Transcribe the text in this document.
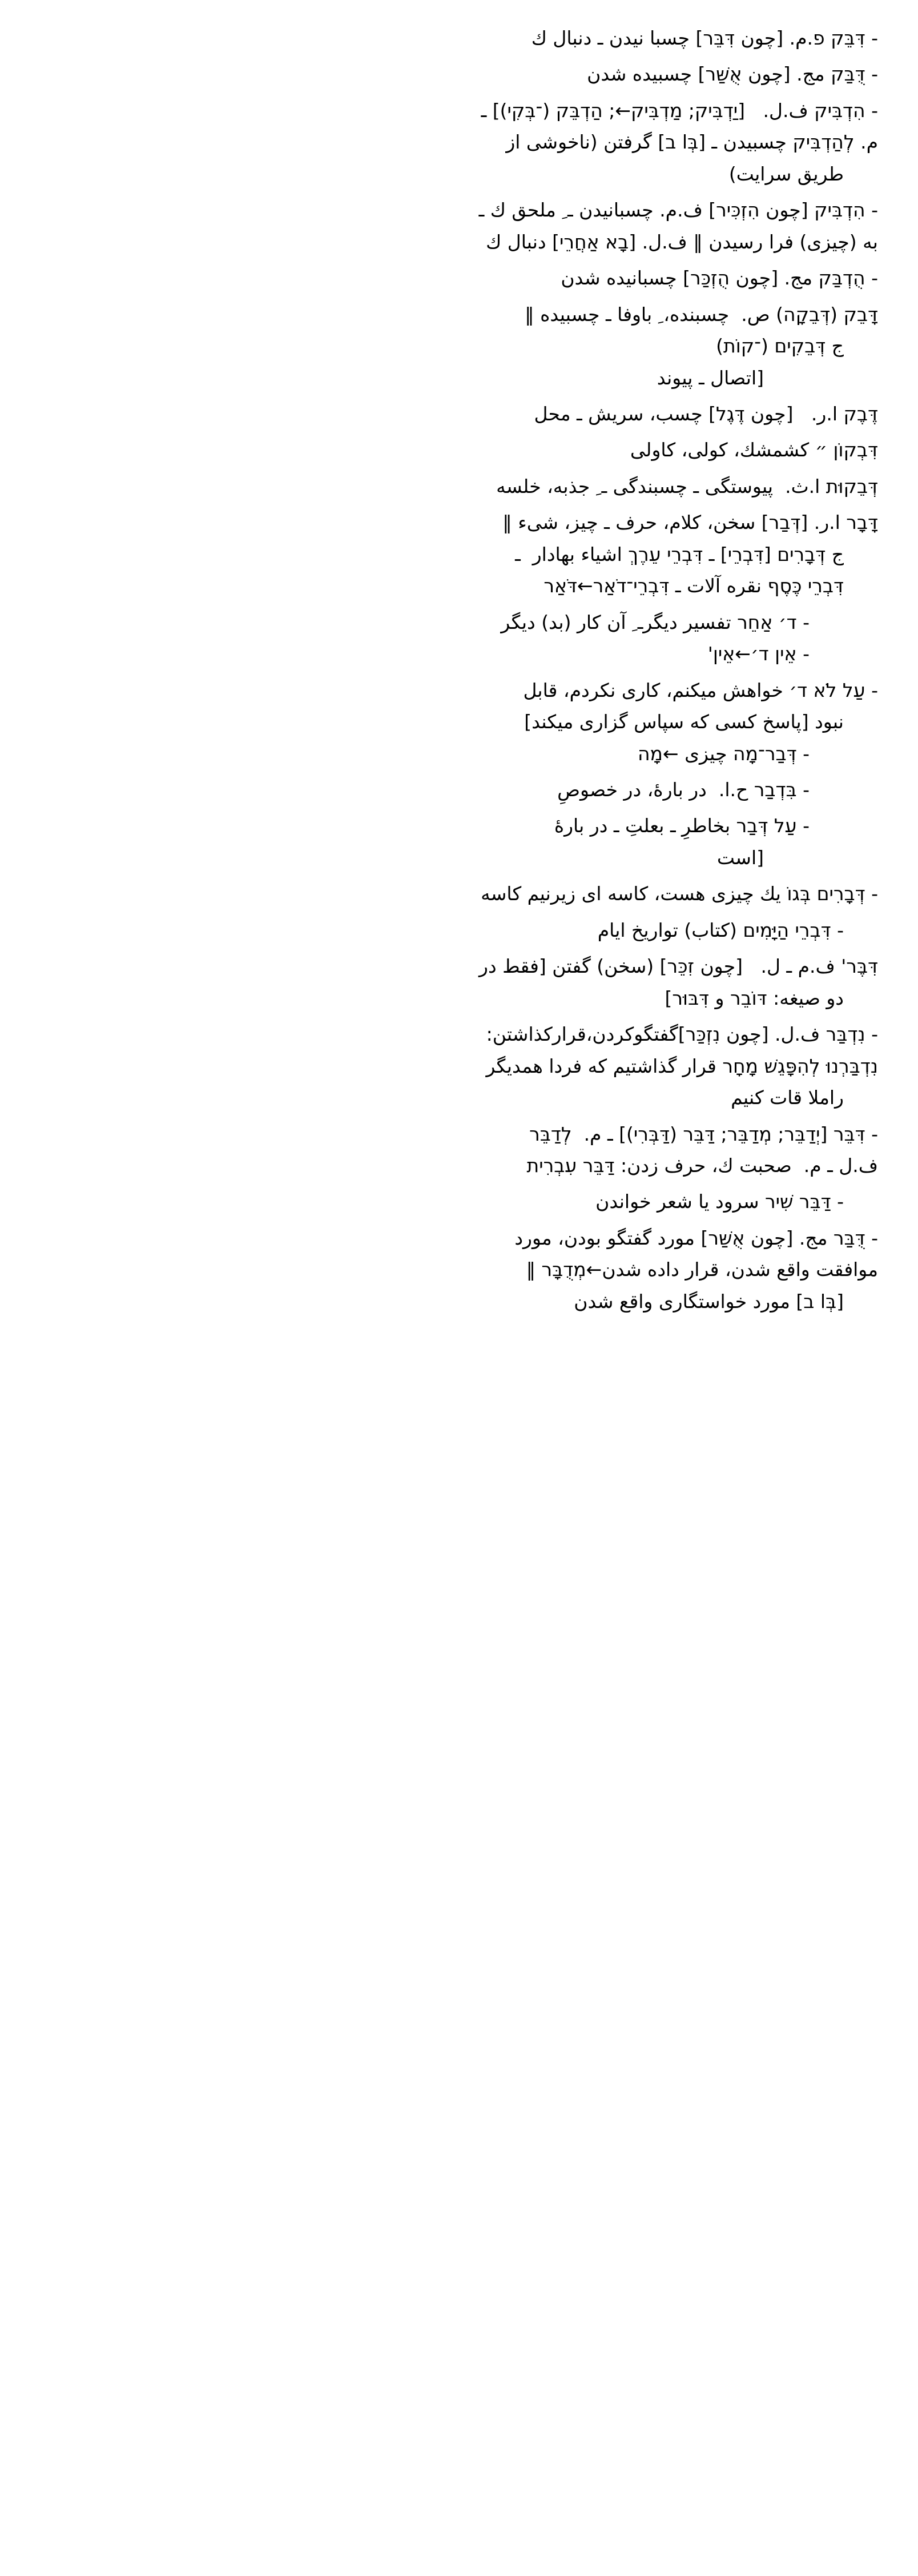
‑ דִּבֵּק פ.م. [چون דִּבֵּר] چسبا نیدن ـ دنبال ك
‑ דֻּבַּק مج. [چون אֻשַּׁר] چسبیده شدن
‑ הִדְבִּיק ف.ل.   [יַדְבִּיק; מַדְבִּיק←; הַדְבֵּק (־בְּקִי)] ـ
م. לְהַדְבִּיק چسبیدن ـ [בְּا ב] گرفتن (ناخوشی از
طریق سرایت)
‑ הִדְבִּיק [چون הִזְכִּיר] ف.م. چسبانیدن ـ ِ ملحق ك ـ
به (چیزی) فرا رسیدن ‖ ف.ل. [בָא אַחֲרֵי] دنبال ك
‑ הֻדְבַּק مج. [چون הֻזְכַּר] چسبانیده شدن
דָּבֵק (דְּבֵקָה) ص.  چسبنده، ِ باوفا ـ چسبیده ‖
ج דְּבֵקִים (־קוֹת)
[اتصال ـ پیوند
דֶּבֶק ا.ر.   [چون דֶּגֶל] چسب، سریش ـ محل
דִּבְקוֹן ״ كشمشك، كولی، كاولی
דְּבֵקוּת ا.ث.  پیوستگی ـ چسبندگی ـ ِ جذبه، خلسه
דָּבָר ا.ر. [דְּבַר] سخن، كلام، حرف ـ چیز، شیء ‖
ج דְּבָרִים [דִּבְרֵי] ـ דִּבְרֵי עֵרֶךְ اشیاء بهادار  ـ
דִּבְרֵי כֶּסֶף نقره آلات ـ דִּבְרֵי־דֹאַר←דֹּאַר
‑ ד׳ אַחֵר تفسیر دیگرـ ِ آن كار (بد) دیگر
‑ אֵין ד׳←אֵין'
‑ עַל לֹא ד׳ خواهش میكنم، كاری نكردم، قابل
نبود [پاسخ كسی كه سپاس گزاری میكند]
‑ דְּבַר־מָה چیزی ←מָה
‑ בִּדְבַר ح.ا.  در بارهٔ، در خصوصِ
‑ עַל דְּבַר بخاطرِ ـ بعلتِ ـ در بارهٔ
[است
‑ דְּבָרִים בְּגוֹ یك چیزی هست، كاسه ای زیرنیم كاسه
‑ דִּבְרֵי הַיָּמִים (كتاب) تواریخ ایام
דִּבֶּר' ف.م ـ ل.   [چون זִכֵּר] (سخن) گفتن [فقط در
دو صیغه: דּוֹבֵר و דִּבּוּר]
‑ נִדְבַּר ف.ل. [چون נִזְכַּר]گفتگوكردن،قراركذاشتن:
נִדְבַּרְנוּ לְהִפָּגֵשׁ מָחָר قرار گذاشتیم كه فردا همدیگر
راملا قات كنیم
‑ דִּבֵּר [יְדַבֵּר; מְדַבֵּר; דַּבֵּר (דַּבְּרִי)] ـ م.  לְדַבֵּר
ف.ل ـ م.  صحبت ك، حرف زدن: דַּבֵּר עִבְרִית
‑ דַּבֵּר שִׁיר سرود یا شعر خواندن
‑ דֻּבַּר مج. [چون אֻשַּׁר] مورد گفتگو بودن، مورد
موافقت واقع شدن، قرار داده شدن←מְדֻבָּר ‖
[בְּا ב] مورد خواستگاری واقع شدن
